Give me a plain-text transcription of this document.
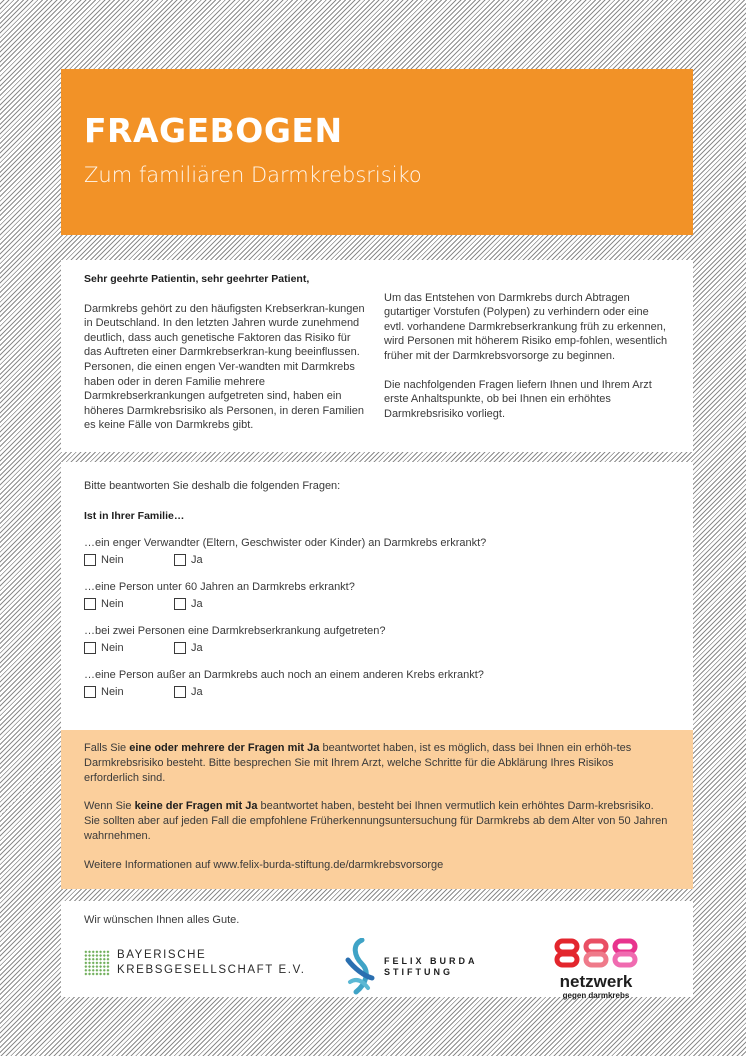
FRAGEBOGEN
Zum familiären Darmkrebsrisiko
Sehr geehrte Patientin, sehr geehrter Patient,

Darmkrebs gehört zu den häufigsten Krebserkran-kungen in Deutschland. In den letzten Jahren wurde zunehmend deutlich, dass auch genetische Faktoren das Risiko für das Auftreten einer Darmkrebserkran-kung beeinflussen. Personen, die einen engen Ver-wandten mit Darmkrebs haben oder in deren Familie mehrere Darmkrebserkrankungen aufgetreten sind, haben ein höheres Darmkrebsrisiko als Personen, in deren Familien es keine Fälle von Darmkrebs gibt.

Um das Entstehen von Darmkrebs durch Abtragen gutartiger Vorstufen (Polypen) zu verhindern oder eine evtl. vorhandene Darmkrebserkrankung früh zu erkennen, wird Personen mit höherem Risiko emp-fohlen, wesentlich früher mit der Darmkrebsvorsorge zu beginnen.

Die nachfolgenden Fragen liefern Ihnen und Ihrem Arzt erste Anhaltspunkte, ob bei Ihnen ein erhöhtes Darmkrebsrisiko vorliegt.

Bitte beantworten Sie deshalb die folgenden Fragen:
Ist in Ihrer Familie…
…ein enger Verwandter (Eltern, Geschwister oder Kinder) an Darmkrebs erkrankt?
Nein	Ja
…eine Person unter 60 Jahren an Darmkrebs erkrankt?
Nein	Ja
…bei zwei Personen eine Darmkrebserkrankung aufgetreten?
Nein	Ja
…eine Person außer an Darmkrebs auch noch an einem anderen Krebs erkrankt?
Nein	Ja

Falls Sie eine oder mehrere der Fragen mit Ja beantwortet haben, ist es möglich, dass bei Ihnen ein erhöh-tes Darmkrebsrisiko besteht. Bitte besprechen Sie mit Ihrem Arzt, welche Schritte für die Abklärung Ihres Risikos erforderlich sind.

Wenn Sie keine der Fragen mit Ja beantwortet haben, besteht bei Ihnen vermutlich kein erhöhtes Darm-krebsrisiko. Sie sollten aber auf jeden Fall die empfohlene Früherkennungsuntersuchung für Darmkrebs ab dem Alter von 50 Jahren wahrnehmen.

Weitere Informationen auf www.felix-burda-stiftung.de/darmkrebsvorsorge

Wir wünschen Ihnen alles Gute.
BAYERISCHE
KREBSGESELLSCHAFT E.V.
FELIX BURDA
STIFTUNG	netzwerk
gegen darmkrebs
